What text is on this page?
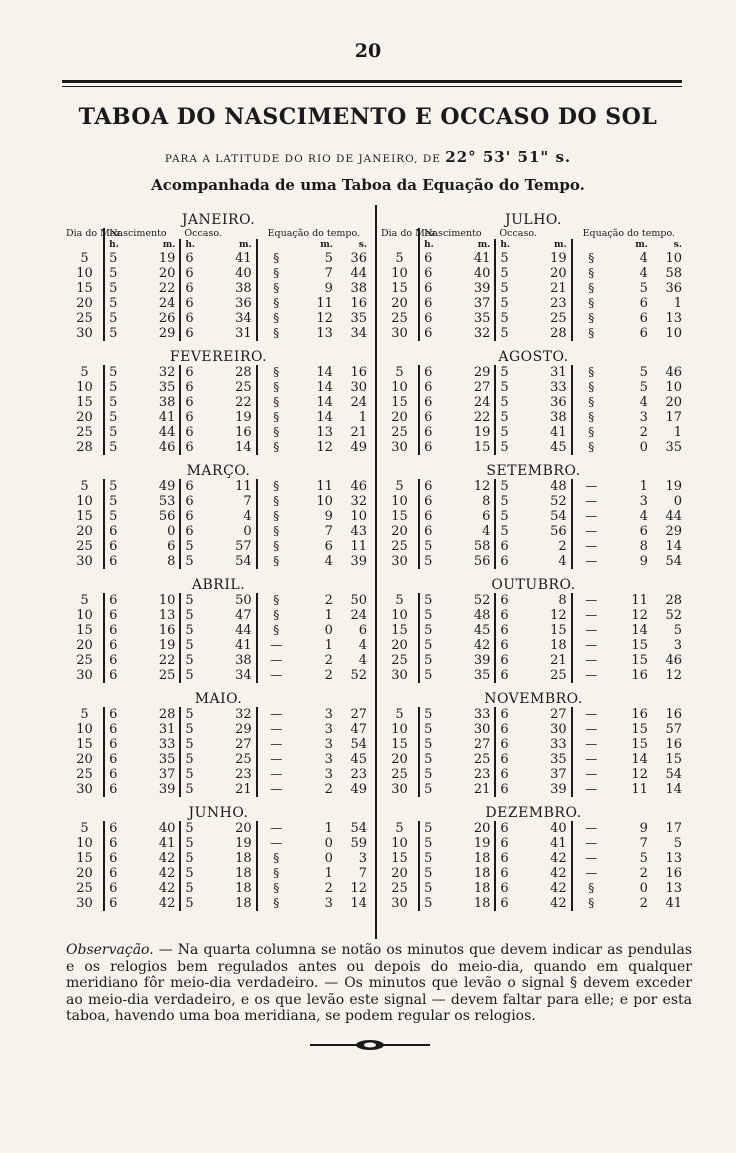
20
TABOA DO NASCIMENTO E OCCASO DO SOL
PARA A LATITUDE DO RIO DE JANEIRO, DE 22° 53' 51" s.
Acompanhada de uma Taboa da Equação do Tempo.
JANEIRO.							
Dia do Mez.	Nascimento		Occaso.		Equação do tempo.		
	h.	m.	h.	m.		m.	s.
5	5	19	6	41	§	5	36
10	5	20	6	40	§	7	44
15	5	22	6	38	§	9	38
20	5	24	6	36	§	11	16
25	5	26	6	34	§	12	35
30	5	29	6	31	§	13	34
FEVEREIRO.							
5	5	32	6	28	§	14	16
10	5	35	6	25	§	14	30
15	5	38	6	22	§	14	24
20	5	41	6	19	§	14	1
25	5	44	6	16	§	13	21
28	5	46	6	14	§	12	49
MARÇO.							
5	5	49	6	11	§	11	46
10	5	53	6	7	§	10	32
15	5	56	6	4	§	9	10
20	6	0	6	0	§	7	43
25	6	6	5	57	§	6	11
30	6	8	5	54	§	4	39
ABRIL.							
5	6	10	5	50	§	2	50
10	6	13	5	47	§	1	24
15	6	16	5	44	§	0	6
20	6	19	5	41	—	1	4
25	6	22	5	38	—	2	4
30	6	25	5	34	—	2	52
MAIO.							
5	6	28	5	32	—	3	27
10	6	31	5	29	—	3	47
15	6	33	5	27	—	3	54
20	6	35	5	25	—	3	45
25	6	37	5	23	—	3	23
30	6	39	5	21	—	2	49
JUNHO.							
5	6	40	5	20	—	1	54
10	6	41	5	19	—	0	59
15	6	42	5	18	§	0	3
20	6	42	5	18	§	1	7
25	6	42	5	18	§	2	12
30	6	42	5	18	§	3	14
JULHO.							
Dia do Mez.	Nascimento		Occaso.		Equação do tempo.		
	h.	m.	h.	m.		m.	s.
5	6	41	5	19	§	4	10
10	6	40	5	20	§	4	58
15	6	39	5	21	§	5	36
20	6	37	5	23	§	6	1
25	6	35	5	25	§	6	13
30	6	32	5	28	§	6	10
AGOSTO.							
5	6	29	5	31	§	5	46
10	6	27	5	33	§	5	10
15	6	24	5	36	§	4	20
20	6	22	5	38	§	3	17
25	6	19	5	41	§	2	1
30	6	15	5	45	§	0	35
SETEMBRO.							
5	6	12	5	48	—	1	19
10	6	8	5	52	—	3	0
15	6	6	5	54	—	4	44
20	6	4	5	56	—	6	29
25	5	58	6	2	—	8	14
30	5	56	6	4	—	9	54
OUTUBRO.							
5	5	52	6	8	—	11	28
10	5	48	6	12	—	12	52
15	5	45	6	15	—	14	5
20	5	42	6	18	—	15	3
25	5	39	6	21	—	15	46
30	5	35	6	25	—	16	12
NOVEMBRO.							
5	5	33	6	27	—	16	16
10	5	30	6	30	—	15	57
15	5	27	6	33	—	15	16
20	5	25	6	35	—	14	15
25	5	23	6	37	—	12	54
30	5	21	6	39	—	11	14
DEZEMBRO.							
5	5	20	6	40	—	9	17
10	5	19	6	41	—	7	5
15	5	18	6	42	—	5	13
20	5	18	6	42	—	2	16
25	5	18	6	42	§	0	13
30	5	18	6	42	§	2	41
Observação. — Na quarta columna se notão os minutos que devem indicar as pendulas e os relogios bem regulados antes ou depois do meio-dia, quando em qualquer meridiano fôr meio-dia verdadeiro. — Os minutos que levão o signal § devem exceder ao meio-dia verdadeiro, e os que levão este signal — devem faltar para elle; e por esta taboa, havendo uma boa meridiana, se podem regular os relogios.
